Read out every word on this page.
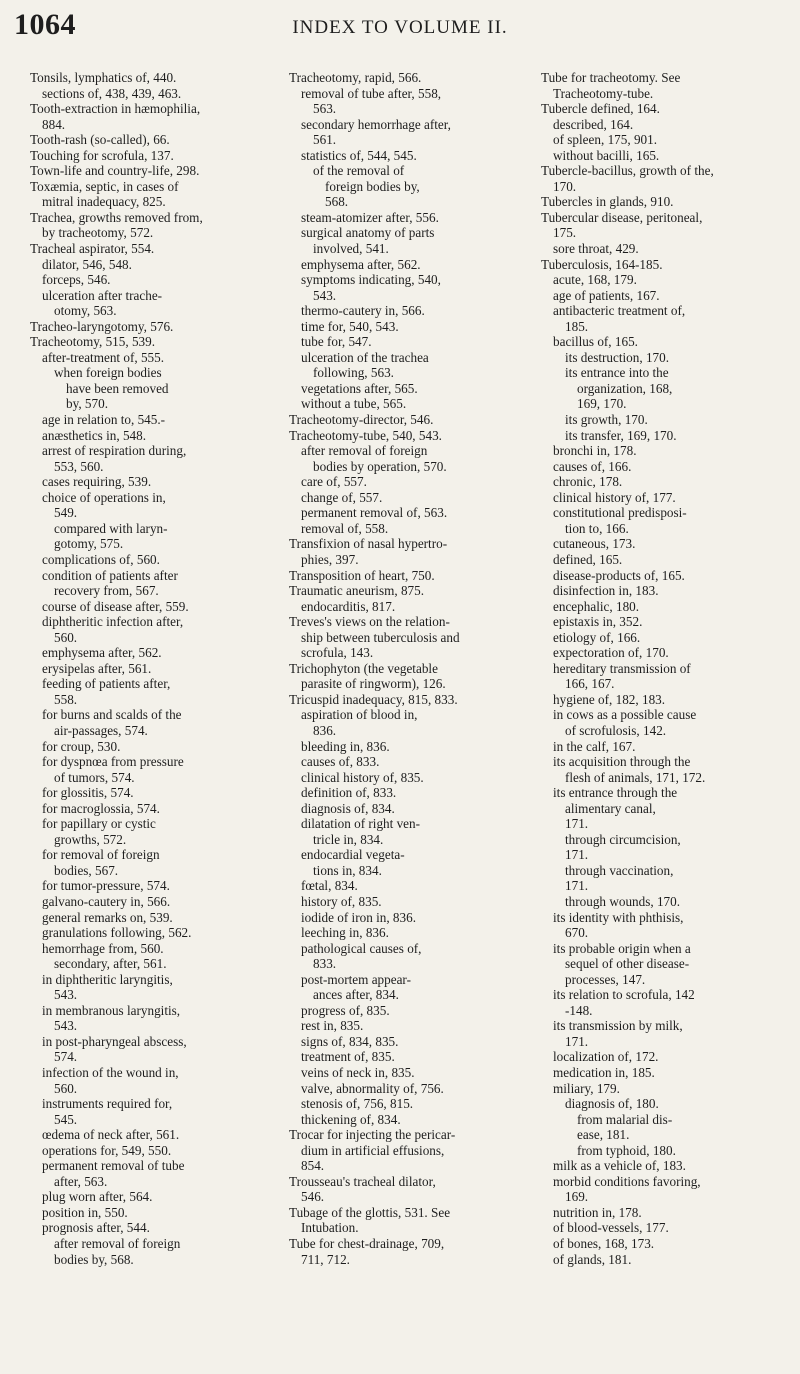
1064	INDEX TO VOLUME II.
Tonsils, lymphatics of, 440.
sections of, 438, 439, 463.
Tooth-extraction in hæmophilia,
884.
Tooth-rash (so-called), 66.
Touching for scrofula, 137.
Town-life and country-life, 298.
Toxæmia, septic, in cases of
mitral inadequacy, 825.
Trachea, growths removed from,
by tracheotomy, 572.
Tracheal aspirator, 554.
dilator, 546, 548.
forceps, 546.
ulceration after trache-
otomy, 563.
Tracheo-laryngotomy, 576.
Tracheotomy, 515, 539.
after-treatment of, 555.
when foreign bodies
have been removed
by, 570.
age in relation to, 545.-
anæsthetics in, 548.
arrest of respiration during,
553, 560.
cases requiring, 539.
choice of operations in,
549.
compared with laryn-
gotomy, 575.
complications of, 560.
condition of patients after
recovery from, 567.
course of disease after, 559.
diphtheritic infection after,
560.
emphysema after, 562.
erysipelas after, 561.
feeding of patients after,
558.
for burns and scalds of the
air-passages, 574.
for croup, 530.
for dyspnœa from pressure
of tumors, 574.
for glossitis, 574.
for macroglossia, 574.
for papillary or cystic
growths, 572.
for removal of foreign
bodies, 567.
for tumor-pressure, 574.
galvano-cautery in, 566.
general remarks on, 539.
granulations following, 562.
hemorrhage from, 560.
secondary, after, 561.
in diphtheritic laryngitis,
543.
in membranous laryngitis,
543.
in post-pharyngeal abscess,
574.
infection of the wound in,
560.
instruments required for,
545.
œdema of neck after, 561.
operations for, 549, 550.
permanent removal of tube
after, 563.
plug worn after, 564.
position in, 550.
prognosis after, 544.
after removal of foreign
bodies by, 568.
Tracheotomy, rapid, 566.
removal of tube after, 558,
563.
secondary hemorrhage after,
561.
statistics of, 544, 545.
of the removal of
foreign bodies by,
568.
steam-atomizer after, 556.
surgical anatomy of parts
involved, 541.
emphysema after, 562.
symptoms indicating, 540,
543.
thermo-cautery in, 566.
time for, 540, 543.
tube for, 547.
ulceration of the trachea
following, 563.
vegetations after, 565.
without a tube, 565.
Tracheotomy-director, 546.
Tracheotomy-tube, 540, 543.
after removal of foreign
bodies by operation, 570.
care of, 557.
change of, 557.
permanent removal of, 563.
removal of, 558.
Transfixion of nasal hypertro-
phies, 397.
Transposition of heart, 750.
Traumatic aneurism, 875.
endocarditis, 817.
Treves's views on the relation-
ship between tuberculosis and
scrofula, 143.
Trichophyton (the vegetable
parasite of ringworm), 126.
Tricuspid inadequacy, 815, 833.
aspiration of blood in,
836.
bleeding in, 836.
causes of, 833.
clinical history of, 835.
definition of, 833.
diagnosis of, 834.
dilatation of right ven-
tricle in, 834.
endocardial vegeta-
tions in, 834.
fœtal, 834.
history of, 835.
iodide of iron in, 836.
leeching in, 836.
pathological causes of,
833.
post-mortem appear-
ances after, 834.
progress of, 835.
rest in, 835.
signs of, 834, 835.
treatment of, 835.
veins of neck in, 835.
valve, abnormality of, 756.
stenosis of, 756, 815.
thickening of, 834.
Trocar for injecting the pericar-
dium in artificial effusions,
854.
Trousseau's tracheal dilator,
546.
Tubage of the glottis, 531. See
Intubation.
Tube for chest-drainage, 709,
711, 712.
Tube for tracheotomy. See
Tracheotomy-tube.
Tubercle defined, 164.
described, 164.
of spleen, 175, 901.
without bacilli, 165.
Tubercle-bacillus, growth of the,
170.
Tubercles in glands, 910.
Tubercular disease, peritoneal,
175.
sore throat, 429.
Tuberculosis, 164-185.
acute, 168, 179.
age of patients, 167.
antibacteric treatment of,
185.
bacillus of, 165.
its destruction, 170.
its entrance into the
organization, 168,
169, 170.
its growth, 170.
its transfer, 169, 170.
bronchi in, 178.
causes of, 166.
chronic, 178.
clinical history of, 177.
constitutional predisposi-
tion to, 166.
cutaneous, 173.
defined, 165.
disease-products of, 165.
disinfection in, 183.
encephalic, 180.
epistaxis in, 352.
etiology of, 166.
expectoration of, 170.
hereditary transmission of
166, 167.
hygiene of, 182, 183.
in cows as a possible cause
of scrofulosis, 142.
in the calf, 167.
its acquisition through the
flesh of animals, 171, 172.
its entrance through the
alimentary canal,
171.
through circumcision,
171.
through vaccination,
171.
through wounds, 170.
its identity with phthisis,
670.
its probable origin when a
sequel of other disease-
processes, 147.
its relation to scrofula, 142
-148.
its transmission by milk,
171.
localization of, 172.
medication in, 185.
miliary, 179.
diagnosis of, 180.
from malarial dis-
ease, 181.
from typhoid, 180.
milk as a vehicle of, 183.
morbid conditions favoring,
169.
nutrition in, 178.
of blood-vessels, 177.
of bones, 168, 173.
of glands, 181.
